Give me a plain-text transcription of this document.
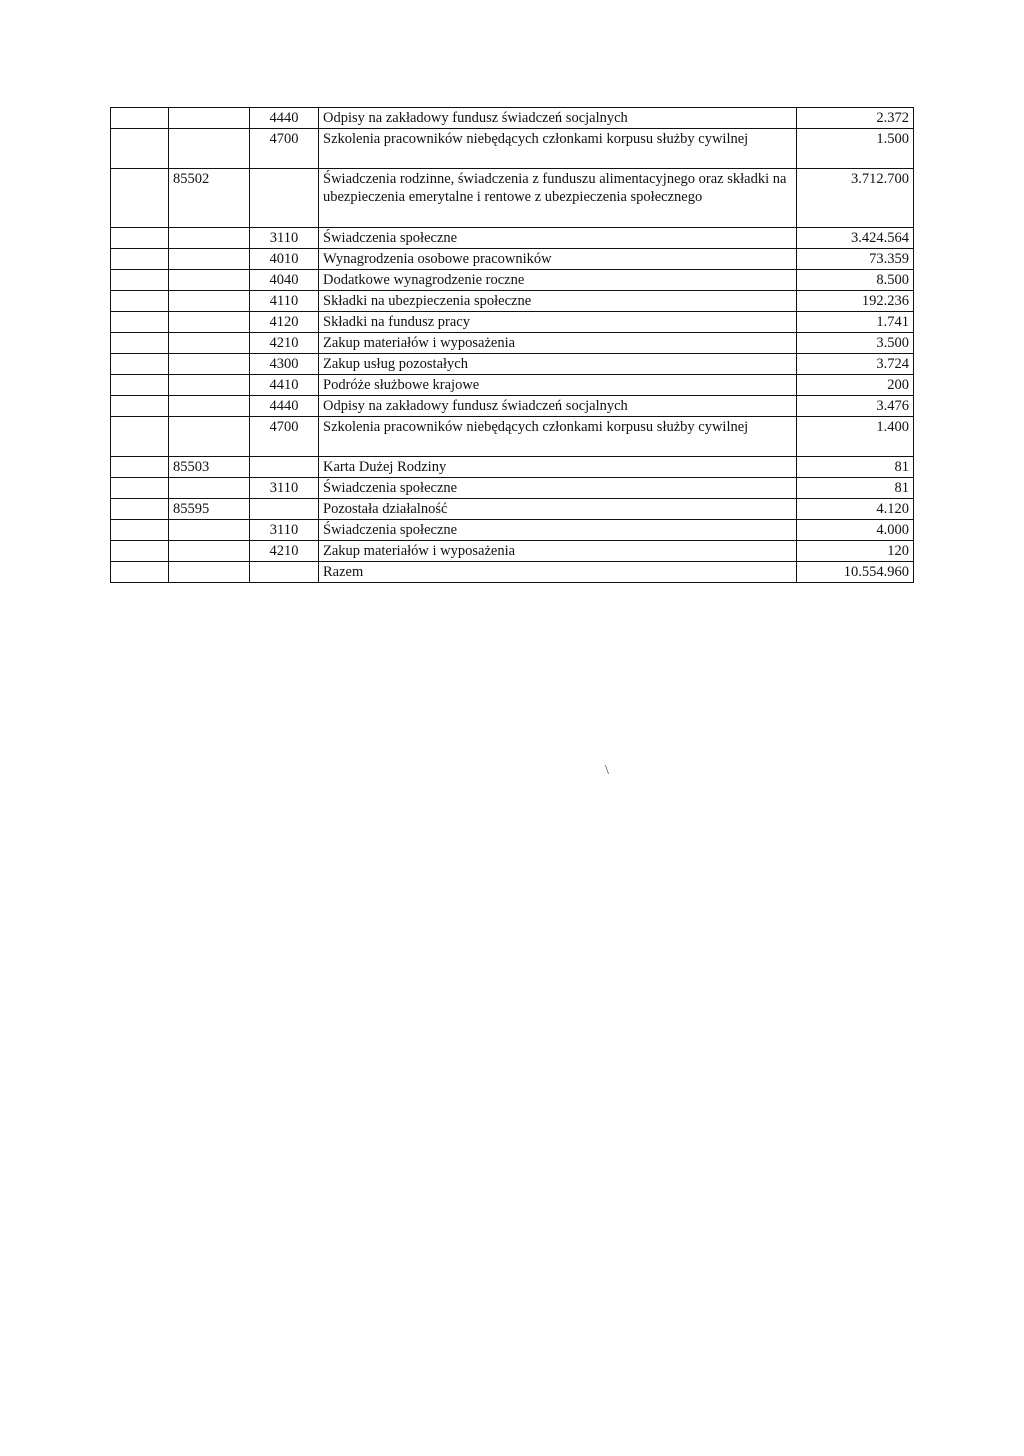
		4440	Odpisy na zakładowy fundusz świadczeń socjalnych	2.372
		4700	Szkolenia pracowników niebędących członkami korpusu służby cywilnej	1.500
	85502		Świadczenia rodzinne, świadczenia z funduszu alimentacyjnego oraz składki na ubezpieczenia emerytalne i rentowe z ubezpieczenia społecznego	3.712.700
		3110	Świadczenia społeczne	3.424.564
		4010	Wynagrodzenia osobowe pracowników	73.359
		4040	Dodatkowe wynagrodzenie roczne	8.500
		4110	Składki na ubezpieczenia społeczne	192.236
		4120	Składki na fundusz pracy	1.741
		4210	Zakup materiałów i wyposażenia	3.500
		4300	Zakup usług pozostałych	3.724
		4410	Podróże służbowe krajowe	200
		4440	Odpisy na zakładowy fundusz świadczeń socjalnych	3.476
		4700	Szkolenia pracowników niebędących członkami korpusu służby cywilnej	1.400
	85503		Karta Dużej Rodziny	81
		3110	Świadczenia społeczne	81
	85595		Pozostała działalność	4.120
		3110	Świadczenia społeczne	4.000
		4210	Zakup materiałów i wyposażenia	120
			Razem	10.554.960
\
